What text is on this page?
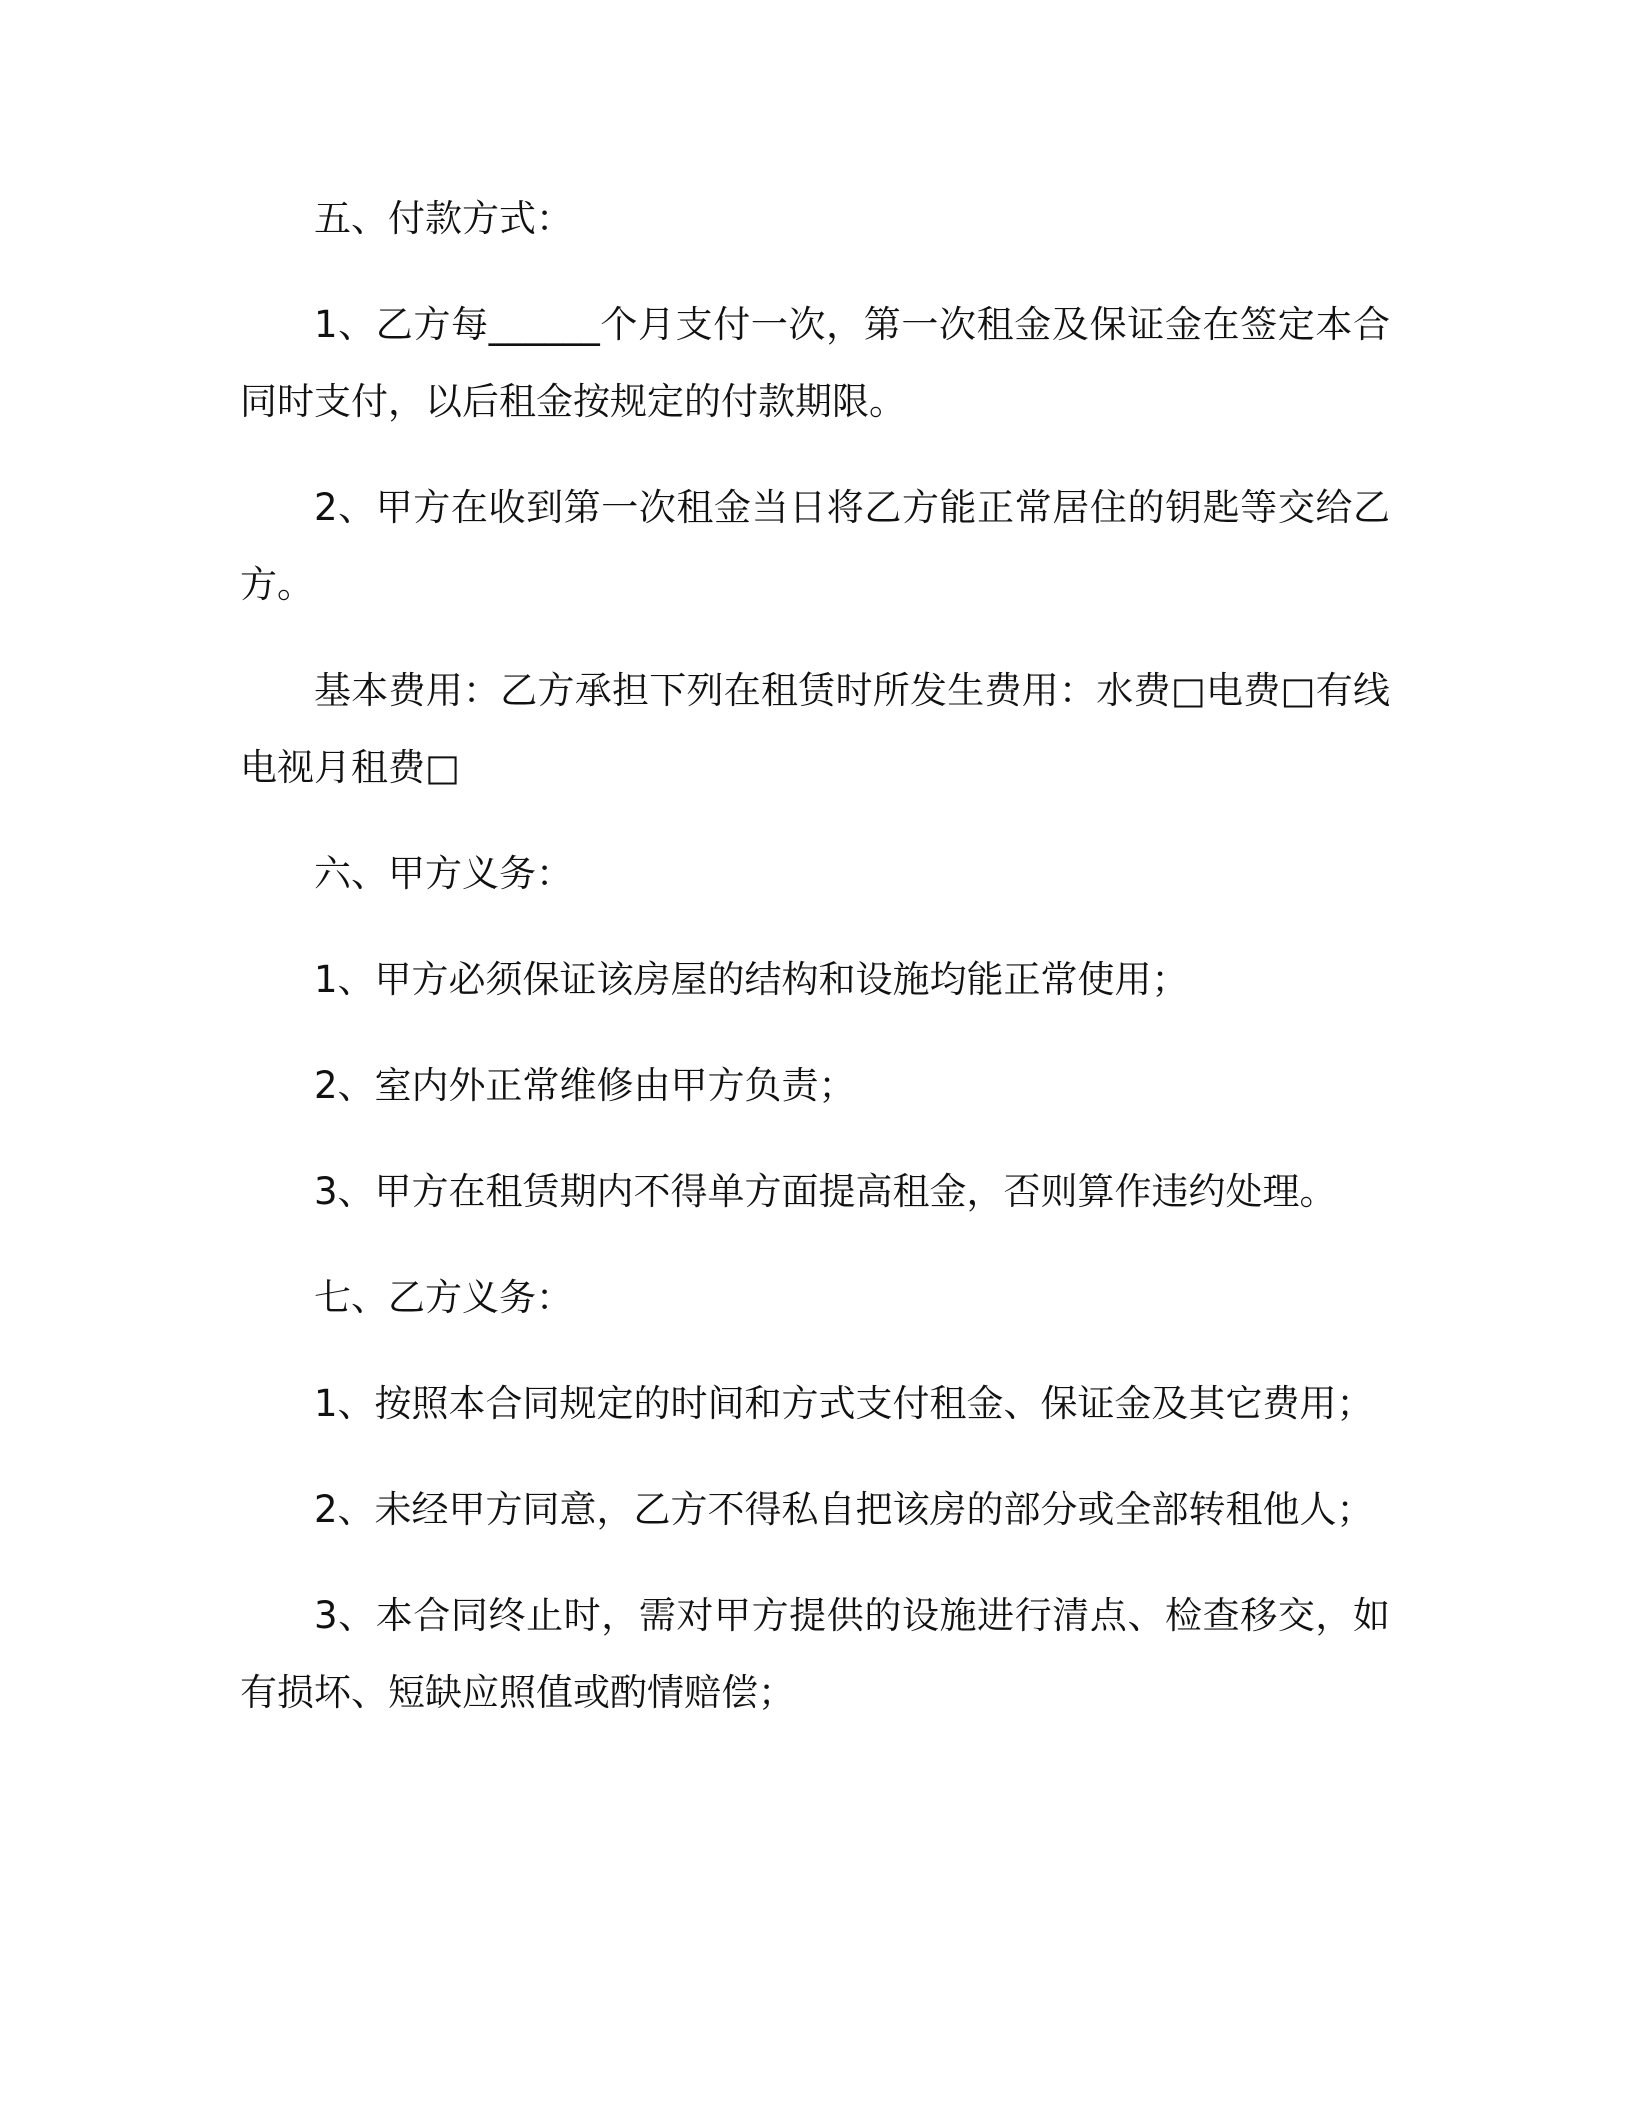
五、付款方式：

1、乙方每______个月支付一次，第一次租金及保证金在签定本合同时支付，以后租金按规定的付款期限。

2、甲方在收到第一次租金当日将乙方能正常居住的钥匙等交给乙方。

基本费用：乙方承担下列在租赁时所发生费用：水费□电费□有线电视月租费□

六、甲方义务：

1、甲方必须保证该房屋的结构和设施均能正常使用；

2、室内外正常维修由甲方负责；

3、甲方在租赁期内不得单方面提高租金，否则算作违约处理。

七、乙方义务：

1、按照本合同规定的时间和方式支付租金、保证金及其它费用；

2、未经甲方同意，乙方不得私自把该房的部分或全部转租他人；

3、本合同终止时，需对甲方提供的设施进行清点、检查移交，如有损坏、短缺应照值或酌情赔偿；
